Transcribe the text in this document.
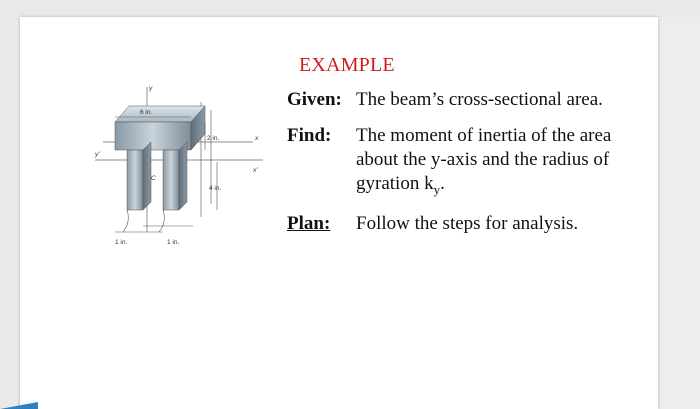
EXAMPLE
Given: The beam’s cross-sectional area.
Find: The moment of inertia of the area
about the y-axis and the radius of
gyration $k_y$.
Plan: Follow the steps for analysis.
6 in.
2 in.
4 in.
1 in.	1 in.
y
x
x'
y'
C
